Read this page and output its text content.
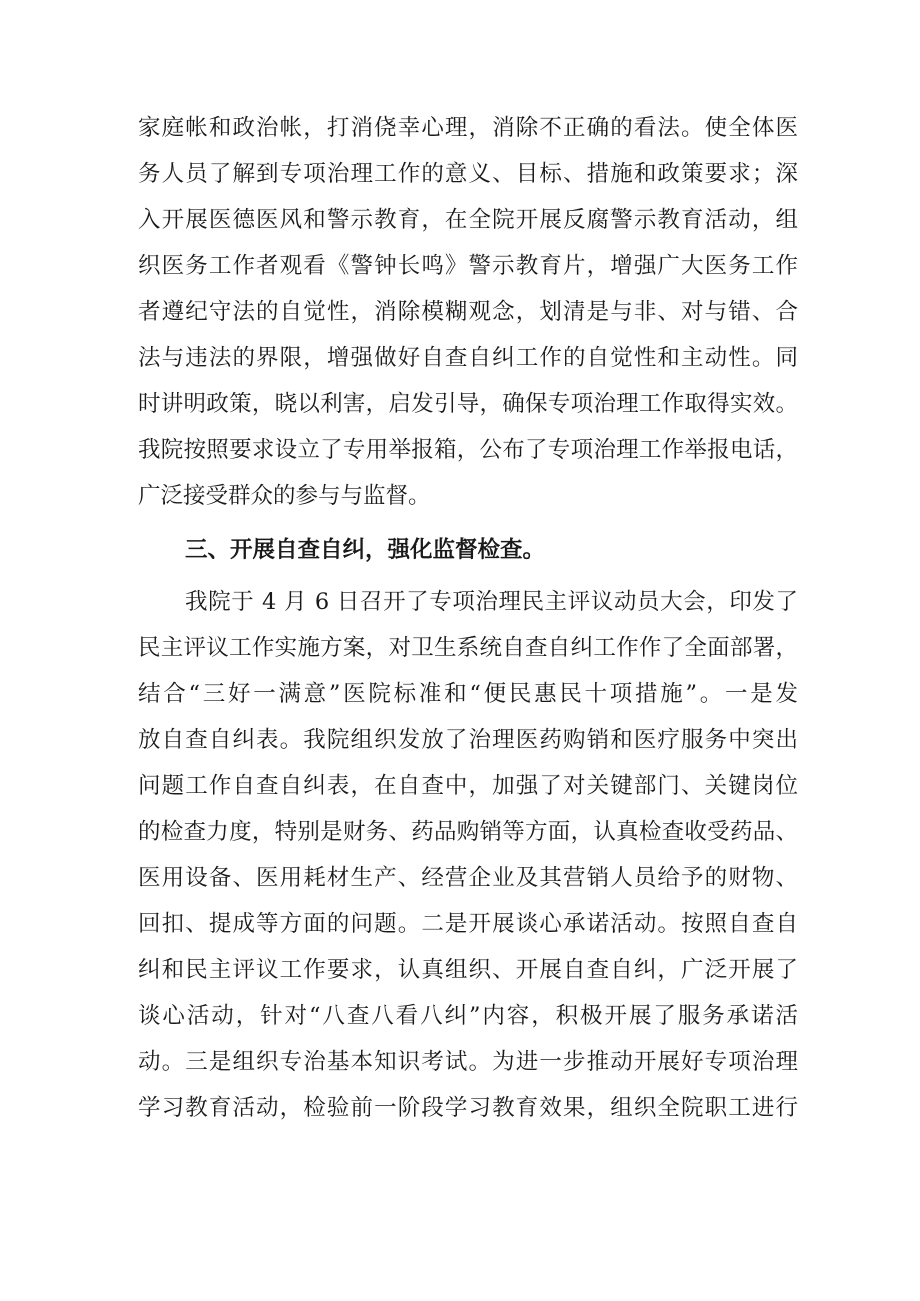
家庭帐和政治帐，打消侥幸心理，消除不正确的看法。使全体医
务人员了解到专项治理工作的意义、目标、措施和政策要求；深
入开展医德医风和警示教育，在全院开展反腐警示教育活动，组
织医务工作者观看《警钟长鸣》警示教育片，增强广大医务工作
者遵纪守法的自觉性，消除模糊观念，划清是与非、对与错、合
法与违法的界限，增强做好自查自纠工作的自觉性和主动性。同
时讲明政策，晓以利害，启发引导，确保专项治理工作取得实效。
我院按照要求设立了专用举报箱，公布了专项治理工作举报电话，
广泛接受群众的参与与监督。
三、开展自查自纠，强化监督检查。
我院于 4 月 6 日召开了专项治理民主评议动员大会，印发了
民主评议工作实施方案，对卫生系统自查自纠工作作了全面部署，
结合“三好一满意”医院标准和“便民惠民十项措施”。一是发
放自查自纠表。我院组织发放了治理医药购销和医疗服务中突出
问题工作自查自纠表，在自查中，加强了对关键部门、关键岗位
的检查力度，特别是财务、药品购销等方面，认真检查收受药品、
医用设备、医用耗材生产、经营企业及其营销人员给予的财物、
回扣、提成等方面的问题。二是开展谈心承诺活动。按照自查自
纠和民主评议工作要求，认真组织、开展自查自纠，广泛开展了
谈心活动，针对“八查八看八纠”内容，积极开展了服务承诺活
动。三是组织专治基本知识考试。为进一步推动开展好专项治理
学习教育活动，检验前一阶段学习教育效果，组织全院职工进行
